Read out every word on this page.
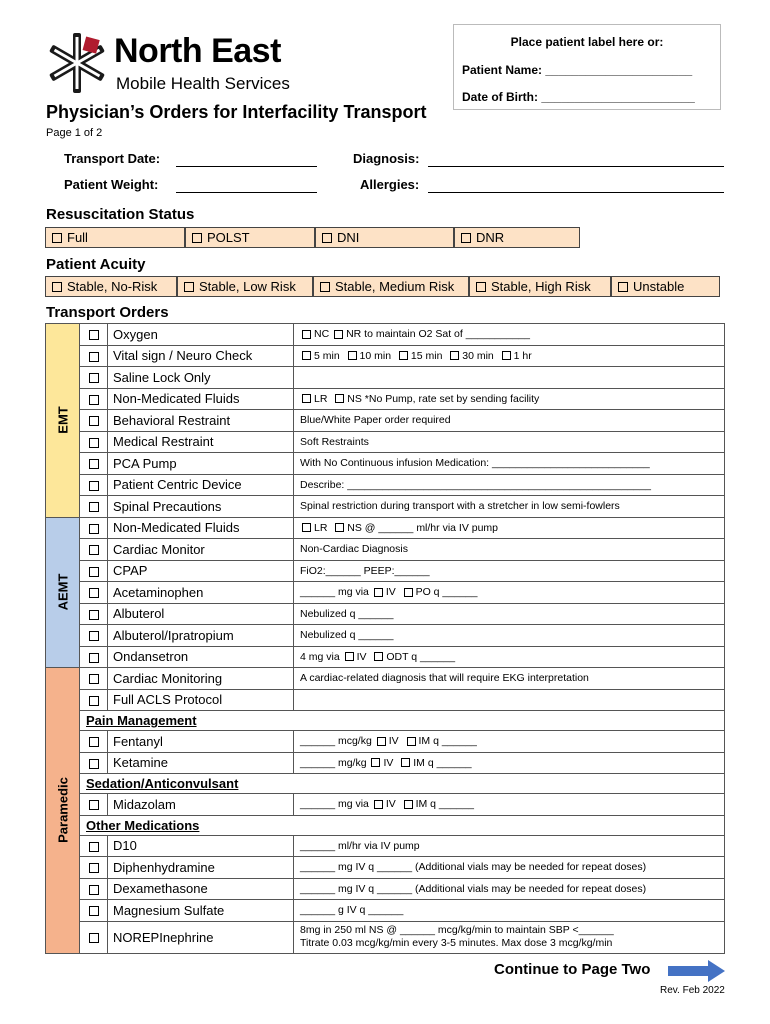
North East
Mobile Health Services
Place patient label here or:
Patient Name: ______________________
Date of Birth: _______________________
Physician’s Orders for Interfacility Transport
Page 1 of 2
Transport Date:
Patient Weight:
Diagnosis:
Allergies:
Resuscitation Status
Full	POLST	DNI	DNR
Patient Acuity
Stable, No-Risk	Stable, Low Risk	Stable, Medium Risk	Stable, High Risk	Unstable
Transport Orders
EMT		Oxygen	NC NR to maintain O2 Sat of ___________
		Vital sign / Neuro Check	5 min 10 min 15 min 30 min 1 hr
		Saline Lock Only	
		Non-Medicated Fluids	LR NS *No Pump, rate set by sending facility
		Behavioral Restraint	Blue/White Paper order required
		Medical Restraint	Soft Restraints
		PCA Pump	With No Continuous infusion Medication: ___________________________
		Patient Centric Device	Describe: ____________________________________________________
		Spinal Precautions	Spinal restriction during transport with a stretcher in low semi-fowlers

AEMT		Non-Medicated Fluids	LR NS @ ______ ml/hr via IV pump
		Cardiac Monitor	Non-Cardiac Diagnosis
		CPAP	FiO2:______ PEEP:______
		Acetaminophen	______ mg via IV PO q ______
		Albuterol	Nebulized q ______
		Albuterol/Ipratropium	Nebulized q ______
		Ondansetron	4 mg via IV ODT q ______

Paramedic		Cardiac Monitoring	A cardiac-related diagnosis that will require EKG interpretation
		Full ACLS Protocol	
	Pain Management		
		Fentanyl	______ mcg/kg IV IM q ______
		Ketamine	______ mg/kg IV IM q ______
	Sedation/Anticonvulsant		
		Midazolam	______ mg via IV IM q ______
	Other Medications		
		D10	______ ml/hr via IV pump
		Diphenhydramine	______ mg IV q ______ (Additional vials may be needed for repeat doses)
		Dexamethasone	______ mg IV q ______ (Additional vials may be needed for repeat doses)
		Magnesium Sulfate	______ g IV q ______
		NOREPInephrine	8mg in 250 ml NS @ ______ mcg/kg/min to maintain SBP <______
Titrate 0.03 mcg/kg/min every 3-5 minutes. Max dose 3 mcg/kg/min
Continue to Page Two
Rev. Feb 2022
